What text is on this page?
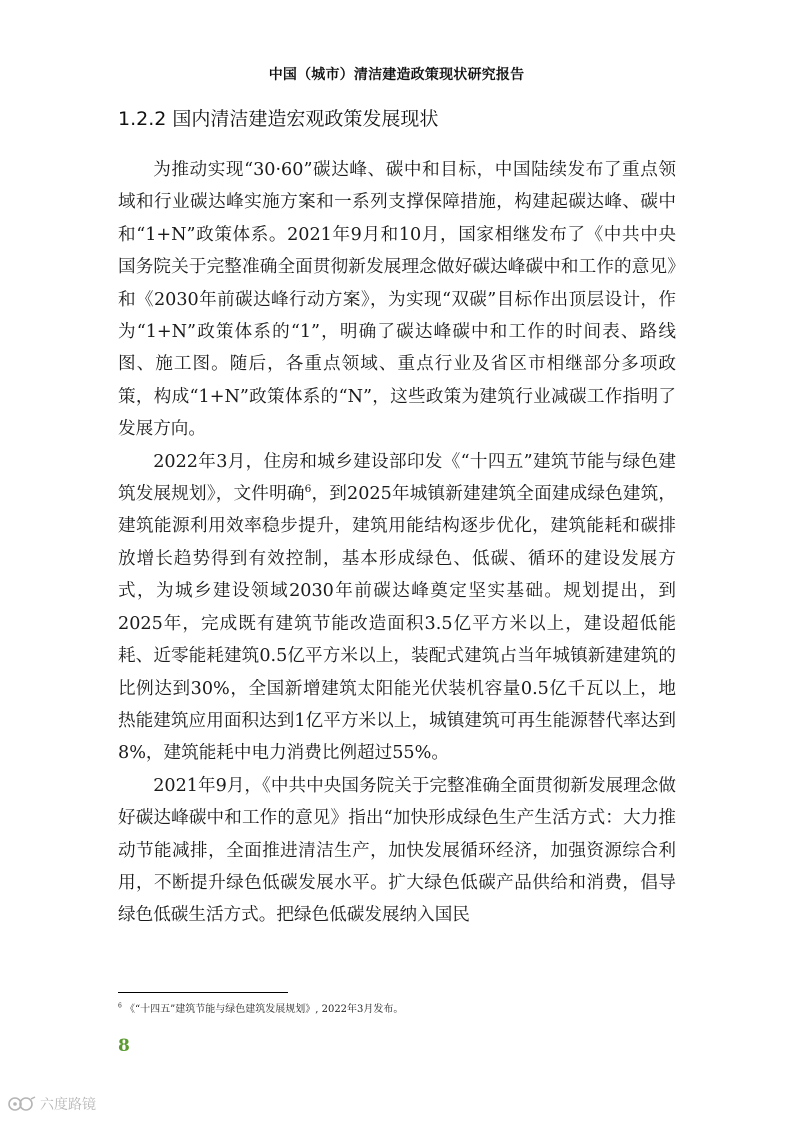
中国（城市）清洁建造政策现状研究报告
1.2.2 国内清洁建造宏观政策发展现状

为推动实现“30·60”碳达峰、碳中和目标，中国陆续发布了重点领域和行业碳达峰实施方案和一系列支撑保障措施，构建起碳达峰、碳中和“1+N”政策体系。2021年9月和10月，国家相继发布了《中共中央国务院关于完整准确全面贯彻新发展理念做好碳达峰碳中和工作的意见》和《2030年前碳达峰行动方案》，为实现“双碳”目标作出顶层设计，作为“1+N”政策体系的“1”，明确了碳达峰碳中和工作的时间表、路线图、施工图。随后，各重点领域、重点行业及省区市相继部分多项政策，构成“1+N”政策体系的“N”，这些政策为建筑行业减碳工作指明了发展方向。

2022年3月，住房和城乡建设部印发《“十四五”建筑节能与绿色建筑发展规划》，文件明确$^6$，到2025年城镇新建建筑全面建成绿色建筑，建筑能源利用效率稳步提升，建筑用能结构逐步优化，建筑能耗和碳排放增长趋势得到有效控制，基本形成绿色、低碳、循环的建设发展方式，为城乡建设领域2030年前碳达峰奠定坚实基础。规划提出，到2025年，完成既有建筑节能改造面积3.5亿平方米以上，建设超低能耗、近零能耗建筑0.5亿平方米以上，装配式建筑占当年城镇新建建筑的比例达到30%，全国新增建筑太阳能光伏装机容量0.5亿千瓦以上，地热能建筑应用面积达到1亿平方米以上，城镇建筑可再生能源替代率达到8%，建筑能耗中电力消费比例超过55%。

2021年9月，《中共中央国务院关于完整准确全面贯彻新发展理念做好碳达峰碳中和工作的意见》指出“加快形成绿色生产生活方式：大力推动节能减排，全面推进清洁生产，加快发展循环经济，加强资源综合利用，不断提升绿色低碳发展水平。扩大绿色低碳产品供给和消费，倡导绿色低碳生活方式。把绿色低碳发展纳入国民

$^6$ 《“十四五”建筑节能与绿色建筑发展规划》, 2022年3月发布。
8
六度路镜
